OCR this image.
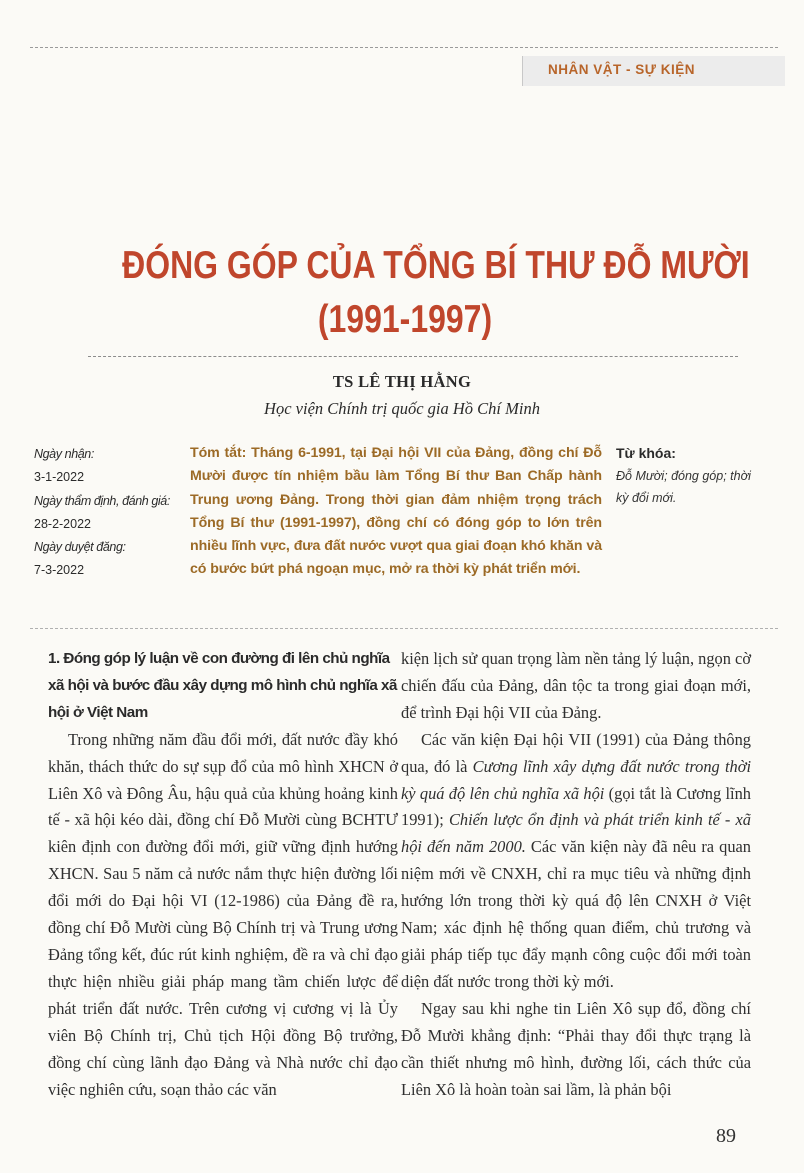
NHÂN VẬT - SỰ KIỆN
ĐÓNG GÓP CỦA TỔNG BÍ THƯ ĐỖ MƯỜI
(1991-1997)
TS LÊ THỊ HẰNG
Học viện Chính trị quốc gia Hồ Chí Minh
Ngày nhận:
3-1-2022
Ngày thẩm định, đánh giá:
28-2-2022
Ngày duyệt đăng:
7-3-2022
Tóm tắt: Tháng 6-1991, tại Đại hội VII của Đảng, đồng chí Đỗ Mười được tín nhiệm bầu làm Tổng Bí thư Ban Chấp hành Trung ương Đảng. Trong thời gian đảm nhiệm trọng trách Tổng Bí thư (1991-1997), đồng chí có đóng góp to lớn trên nhiều lĩnh vực, đưa đất nước vượt qua giai đoạn khó khăn và có bước bứt phá ngoạn mục, mở ra thời kỳ phát triển mới.
Từ khóa:
Đỗ Mười; đóng góp; thời kỳ đổi mới.
1. Đóng góp lý luận về con đường đi lên chủ nghĩa xã hội và bước đầu xây dựng mô hình chủ nghĩa xã hội ở Việt Nam

Trong những năm đầu đổi mới, đất nước đầy khó khăn, thách thức do sự sụp đổ của mô hình XHCN ở Liên Xô và Đông Âu, hậu quả của khủng hoảng kinh tế - xã hội kéo dài, đồng chí Đỗ Mười cùng BCHTƯ kiên định con đường đổi mới, giữ vững định hướng XHCN. Sau 5 năm cả nước nắm thực hiện đường lối đổi mới do Đại hội VI (12-1986) của Đảng đề ra, đồng chí Đỗ Mười cùng Bộ Chính trị và Trung ương Đảng tổng kết, đúc rút kinh nghiệm, đề ra và chỉ đạo thực hiện nhiều giải pháp mang tầm chiến lược để phát triển đất nước. Trên cương vị cương vị là Ủy viên Bộ Chính trị, Chủ tịch Hội đồng Bộ trưởng, đồng chí cùng lãnh đạo Đảng và Nhà nước chỉ đạo việc nghiên cứu, soạn thảo các văn

kiện lịch sử quan trọng làm nền tảng lý luận, ngọn cờ chiến đấu của Đảng, dân tộc ta trong giai đoạn mới, để trình Đại hội VII của Đảng.

Các văn kiện Đại hội VII (1991) của Đảng thông qua, đó là Cương lĩnh xây dựng đất nước trong thời kỳ quá độ lên chủ nghĩa xã hội (gọi tắt là Cương lĩnh 1991); Chiến lược ổn định và phát triển kinh tế - xã hội đến năm 2000. Các văn kiện này đã nêu ra quan niệm mới về CNXH, chỉ ra mục tiêu và những định hướng lớn trong thời kỳ quá độ lên CNXH ở Việt Nam; xác định hệ thống quan điểm, chủ trương và giải pháp tiếp tục đẩy mạnh công cuộc đổi mới toàn diện đất nước trong thời kỳ mới.

Ngay sau khi nghe tin Liên Xô sụp đổ, đồng chí Đỗ Mười khẳng định: “Phải thay đổi thực trạng là cần thiết nhưng mô hình, đường lối, cách thức của Liên Xô là hoàn toàn sai lầm, là phản bội

89
